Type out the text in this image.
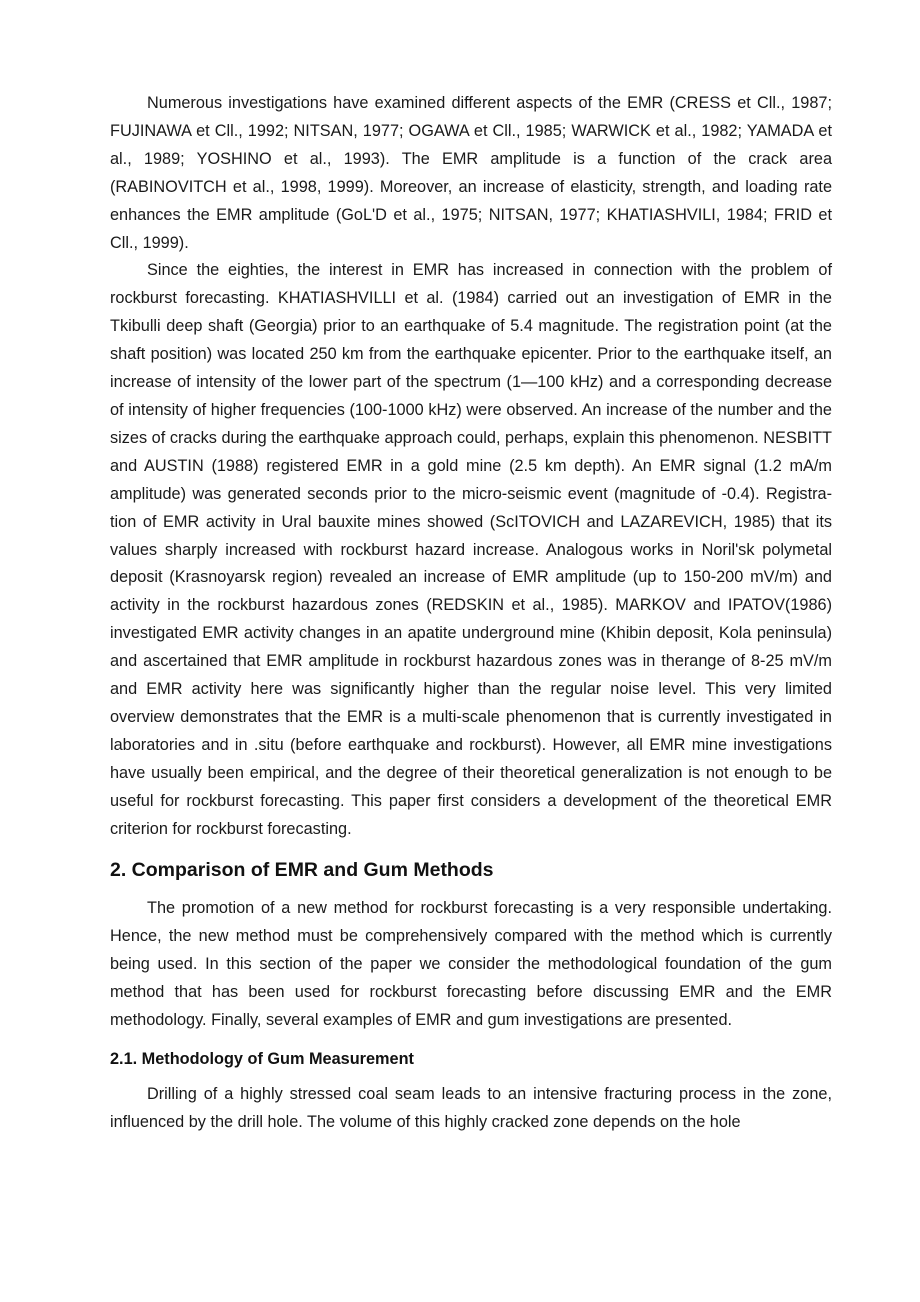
Numerous investigations have examined different aspects of the EMR (CRESS et Cll., 1987; FUJINAWA et Cll., 1992; NITSAN, 1977; OGAWA et Cll., 1985; WARWICK et al., 1982; YAMADA et al., 1989; YOSHINO et al., 1993). The EMR amplitude is a function of the crack area (RABINOVITCH et al., 1998, 1999). Moreover, an increase of elasticity, strength, and loading rate enhances the EMR amplitude (GoL'D et al., 1975; NITSAN, 1977; KHATIASHVILI, 1984; FRID et Cll., 1999).

Since the eighties, the interest in EMR has increased in connection with the problem of rockburst forecasting. KHATIASHVILLI et al. (1984) carried out an investigation of EMR in the Tkibulli deep shaft (Georgia) prior to an earthquake of 5.4 magnitude. The registration point (at the shaft position) was located 250 km from the earthquake epicenter. Prior to the earthquake itself, an increase of intensity of the lower part of the spectrum (1—100 kHz) and a corresponding decrease of intensity of higher frequencies (100-1000 kHz) were observed. An increase of the number and the sizes of cracks during the earthquake approach could, perhaps, explain this phenomenon. NESBITT and AUSTIN (1988) registered EMR in a gold mine (2.5 km depth). An EMR signal (1.2 mA/m amplitude) was generated seconds prior to the micro-seismic event (magnitude of -0.4). Registra-tion of EMR activity in Ural bauxite mines showed (ScITOVICH and LAZAREVICH, 1985) that its values sharply increased with rockburst hazard increase. Analogous works in Noril'sk polymetal deposit (Krasnoyarsk region) revealed an increase of EMR amplitude (up to 150-200 mV/m) and activity in the rockburst hazardous zones (REDSKIN et al., 1985). MARKOV and IPATOV(1986) investigated EMR activity changes in an apatite underground mine (Khibin deposit, Kola peninsula) and ascertained that EMR amplitude in rockburst hazardous zones was in therange of 8-25 mV/m and EMR activity here was significantly higher than the regular noise level. This very limited overview demonstrates that the EMR is a multi-scale phenomenon that is currently investigated in laboratories and in .situ (before earthquake and rockburst). However, all EMR mine investigations have usually been empirical, and the degree of their theoretical generalization is not enough to be useful for rockburst forecasting. This paper first considers a development of the theoretical EMR criterion for rockburst forecasting.

2. Comparison of EMR and Gum Methods

The promotion of a new method for rockburst forecasting is a very responsible undertaking. Hence, the new method must be comprehensively compared with the method which is currently being used. In this section of the paper we consider the methodological foundation of the gum method that has been used for rockburst forecasting before discussing EMR and the EMR methodology. Finally, several examples of EMR and gum investigations are presented.

2.1. Methodology of Gum Measurement

Drilling of a highly stressed coal seam leads to an intensive fracturing process in the zone, influenced by the drill hole. The volume of this highly cracked zone depends on the hole
